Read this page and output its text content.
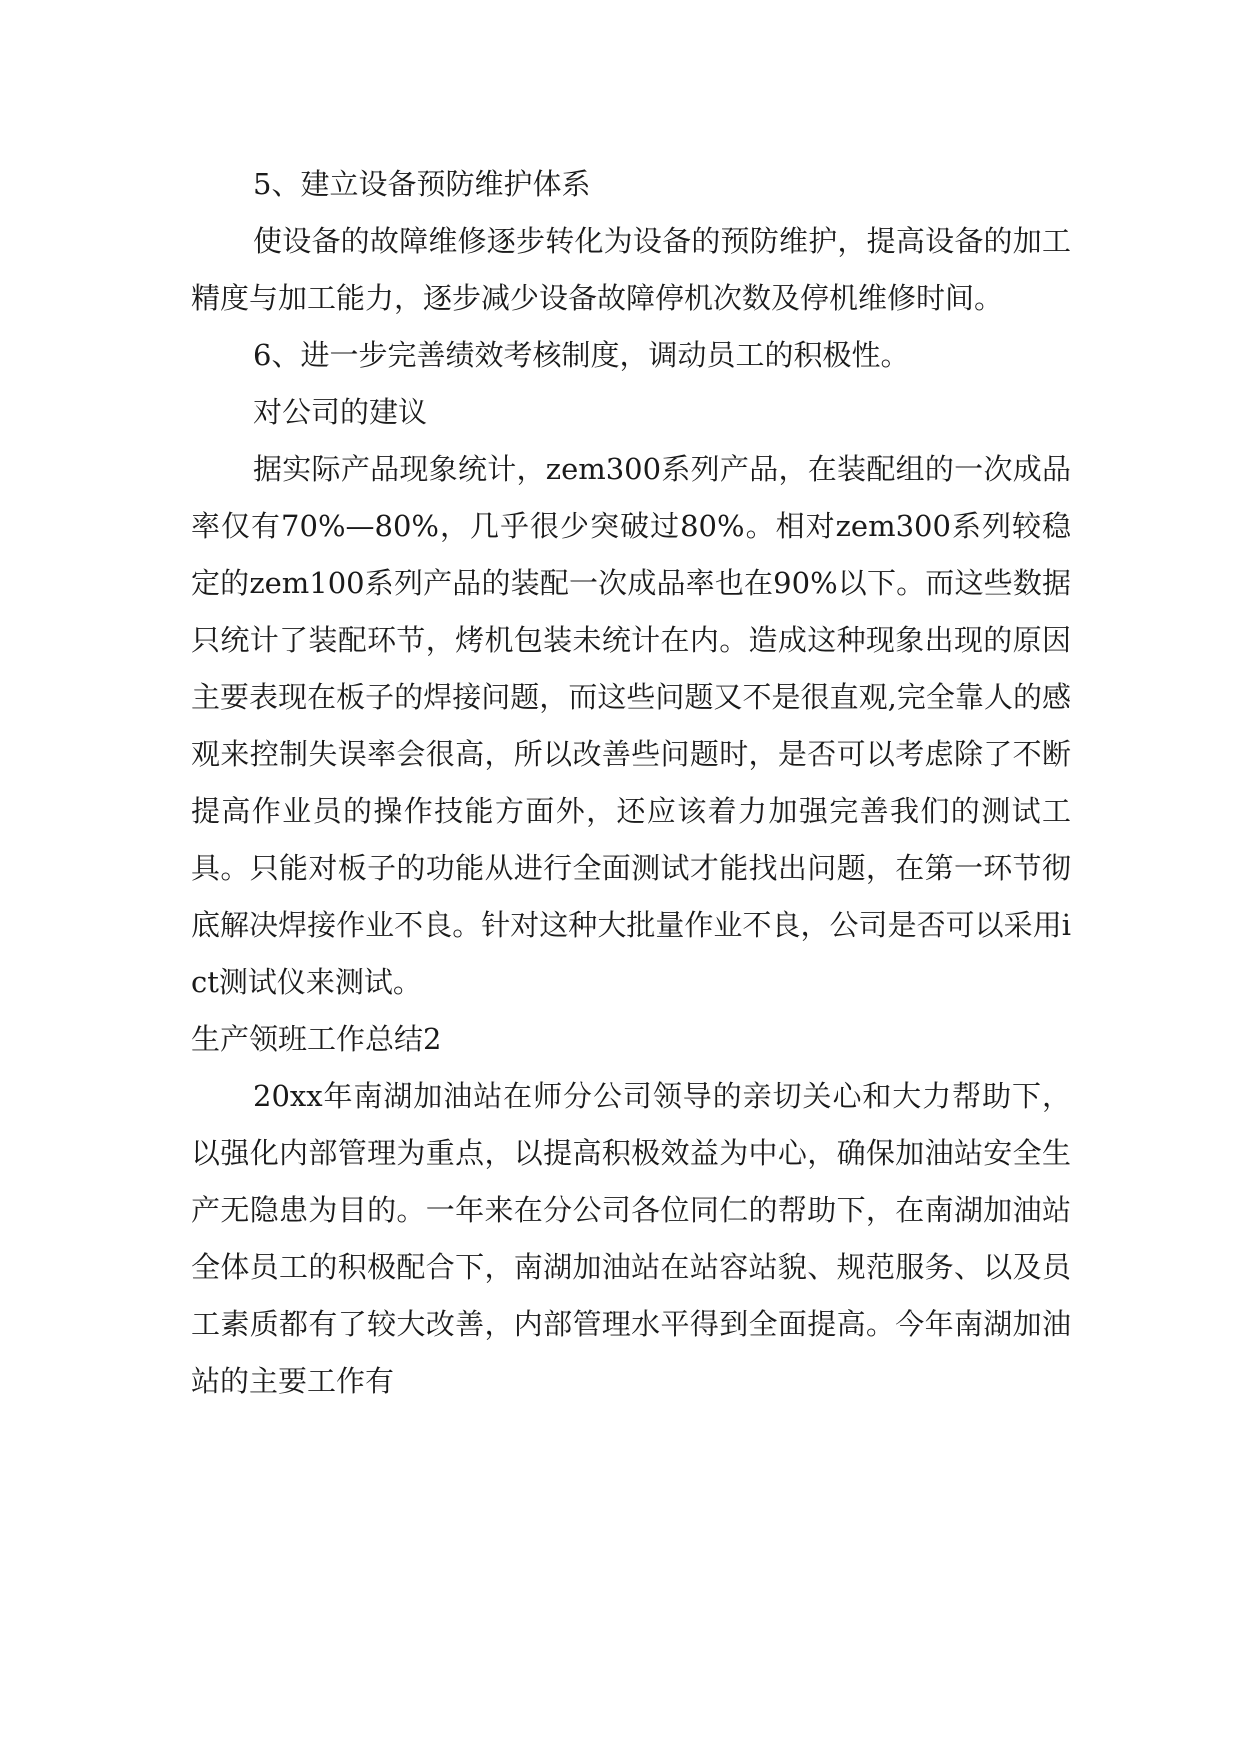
5、建立设备预防维护体系

使设备的故障维修逐步转化为设备的预防维护，提高设备的加工精度与加工能力，逐步减少设备故障停机次数及停机维修时间。

6、进一步完善绩效考核制度，调动员工的积极性。

对公司的建议

据实际产品现象统计，zem300系列产品，在装配组的一次成品率仅有70%—80%，几乎很少突破过80%。相对zem300系列较稳定的zem100系列产品的装配一次成品率也在90%以下。而这些数据只统计了装配环节，烤机包装未统计在内。造成这种现象出现的原因主要表现在板子的焊接问题，而这些问题又不是很直观,完全靠人的感观来控制失误率会很高，所以改善些问题时，是否可以考虑除了不断提高作业员的操作技能方面外，还应该着力加强完善我们的测试工具。只能对板子的功能从进行全面测试才能找出问题，在第一环节彻底解决焊接作业不良。针对这种大批量作业不良，公司是否可以采用ict测试仪来测试。

生产领班工作总结2

20xx年南湖加油站在师分公司领导的亲切关心和大力帮助下，以强化内部管理为重点，以提高积极效益为中心，确保加油站安全生产无隐患为目的。一年来在分公司各位同仁的帮助下，在南湖加油站全体员工的积极配合下，南湖加油站在站容站貌、规范服务、以及员工素质都有了较大改善，内部管理水平得到全面提高。今年南湖加油站的主要工作有
